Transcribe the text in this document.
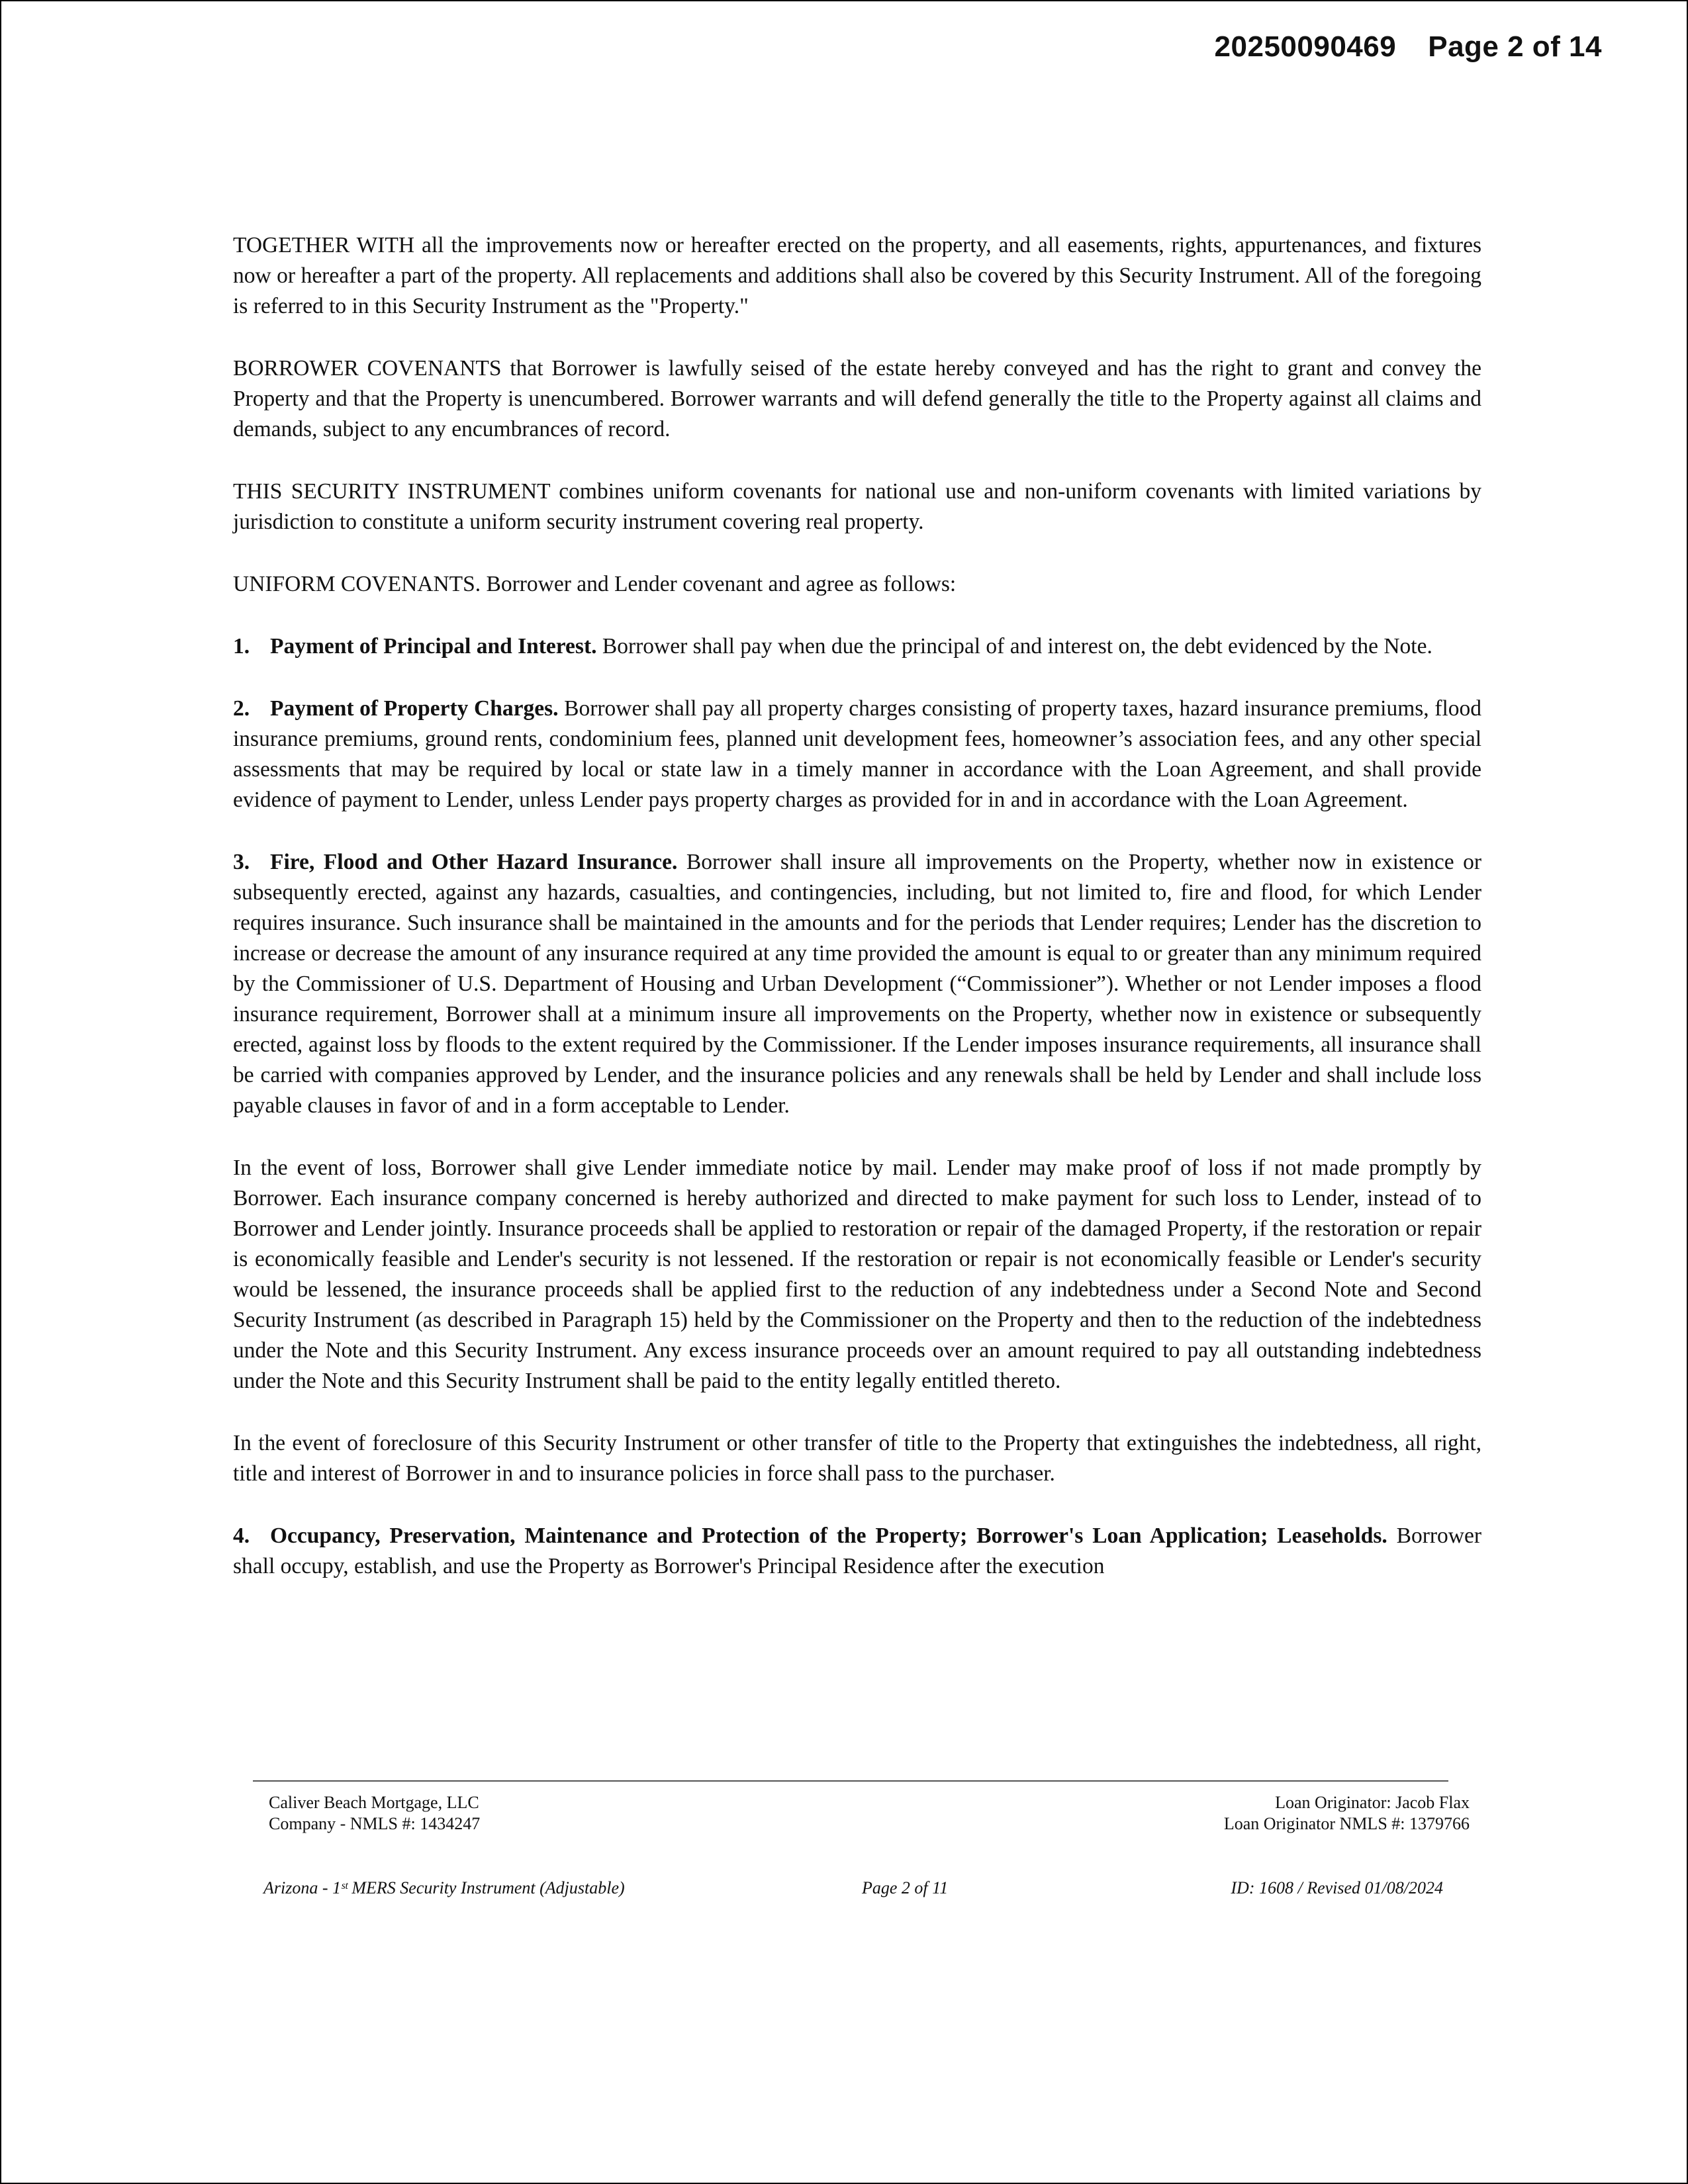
20250090469 Page 2 of 14

TOGETHER WITH all the improvements now or hereafter erected on the property, and all easements, rights, appurtenances, and fixtures now or hereafter a part of the property. All replacements and additions shall also be covered by this Security Instrument. All of the foregoing is referred to in this Security Instrument as the "Property."

BORROWER COVENANTS that Borrower is lawfully seised of the estate hereby conveyed and has the right to grant and convey the Property and that the Property is unencumbered. Borrower warrants and will defend generally the title to the Property against all claims and demands, subject to any encumbrances of record.

THIS SECURITY INSTRUMENT combines uniform covenants for national use and non-uniform covenants with limited variations by jurisdiction to constitute a uniform security instrument covering real property.

UNIFORM COVENANTS. Borrower and Lender covenant and agree as follows:

1. Payment of Principal and Interest. Borrower shall pay when due the principal of and interest on, the debt evidenced by the Note.

2. Payment of Property Charges. Borrower shall pay all property charges consisting of property taxes, hazard insurance premiums, flood insurance premiums, ground rents, condominium fees, planned unit development fees, homeowner’s association fees, and any other special assessments that may be required by local or state law in a timely manner in accordance with the Loan Agreement, and shall provide evidence of payment to Lender, unless Lender pays property charges as provided for in and in accordance with the Loan Agreement.

3. Fire, Flood and Other Hazard Insurance. Borrower shall insure all improvements on the Property, whether now in existence or subsequently erected, against any hazards, casualties, and contingencies, including, but not limited to, fire and flood, for which Lender requires insurance. Such insurance shall be maintained in the amounts and for the periods that Lender requires; Lender has the discretion to increase or decrease the amount of any insurance required at any time provided the amount is equal to or greater than any minimum required by the Commissioner of U.S. Department of Housing and Urban Development (“Commissioner”). Whether or not Lender imposes a flood insurance requirement, Borrower shall at a minimum insure all improvements on the Property, whether now in existence or subsequently erected, against loss by floods to the extent required by the Commissioner. If the Lender imposes insurance requirements, all insurance shall be carried with companies approved by Lender, and the insurance policies and any renewals shall be held by Lender and shall include loss payable clauses in favor of and in a form acceptable to Lender.

In the event of loss, Borrower shall give Lender immediate notice by mail. Lender may make proof of loss if not made promptly by Borrower. Each insurance company concerned is hereby authorized and directed to make payment for such loss to Lender, instead of to Borrower and Lender jointly. Insurance proceeds shall be applied to restoration or repair of the damaged Property, if the restoration or repair is economically feasible and Lender's security is not lessened. If the restoration or repair is not economically feasible or Lender's security would be lessened, the insurance proceeds shall be applied first to the reduction of any indebtedness under a Second Note and Second Security Instrument (as described in Paragraph 15) held by the Commissioner on the Property and then to the reduction of the indebtedness under the Note and this Security Instrument. Any excess insurance proceeds over an amount required to pay all outstanding indebtedness under the Note and this Security Instrument shall be paid to the entity legally entitled thereto.

In the event of foreclosure of this Security Instrument or other transfer of title to the Property that extinguishes the indebtedness, all right, title and interest of Borrower in and to insurance policies in force shall pass to the purchaser.

4. Occupancy, Preservation, Maintenance and Protection of the Property; Borrower's Loan Application; Leaseholds. Borrower shall occupy, establish, and use the Property as Borrower's Principal Residence after the execution

Caliver Beach Mortgage, LLC
Company - NMLS #: 1434247
Loan Originator: Jacob Flax
Loan Originator NMLS #: 1379766
Arizona - 1ˢᵗ MERS Security Instrument (Adjustable)	Page 2 of 11	ID: 1608 / Revised 01/08/2024
